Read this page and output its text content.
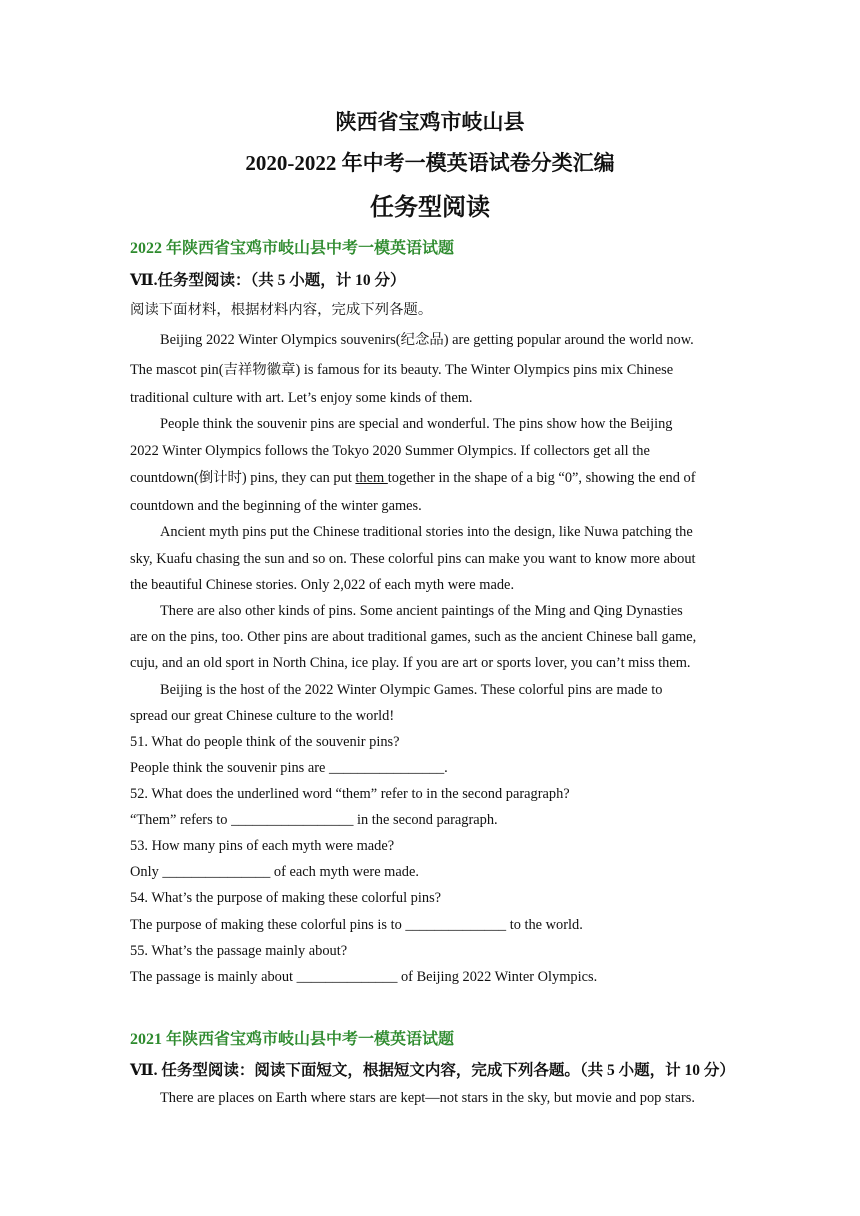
陕西省宝鸡市岐山县
2020-2022 年中考一模英语试卷分类汇编
任务型阅读
2022 年陕西省宝鸡市岐山县中考一模英语试题
Ⅶ.任务型阅读：（共 5 小题，计 10 分）
阅读下面材料，根据材料内容，完成下列各题。
Beijing 2022 Winter Olympics souvenirs(纪念品) are getting popular around the world now.
The mascot pin(吉祥物徽章) is famous for its beauty. The Winter Olympics pins mix Chinese
traditional culture with art. Let’s enjoy some kinds of them.
People think the souvenir pins are special and wonderful. The pins show how the Beijing
2022 Winter Olympics follows the Tokyo 2020 Summer Olympics. If collectors get all the
countdown(倒计时) pins, they can put them together in the shape of a big “0”, showing the end of
countdown and the beginning of the winter games.
Ancient myth pins put the Chinese traditional stories into the design, like Nuwa patching the
sky, Kuafu chasing the sun and so on. These colorful pins can make you want to know more about
the beautiful Chinese stories. Only 2,022 of each myth were made.
There are also other kinds of pins. Some ancient paintings of the Ming and Qing Dynasties
are on the pins, too. Other pins are about traditional games, such as the ancient Chinese ball game,
cuju, and an old sport in North China, ice play. If you are art or sports lover, you can’t miss them.
Beijing is the host of the 2022 Winter Olympic Games. These colorful pins are made to
spread our great Chinese culture to the world!
51. What do people think of the souvenir pins?
People think the souvenir pins are ________________.
52. What does the underlined word “them” refer to in the second paragraph?
“Them” refers to _________________ in the second paragraph.
53. How many pins of each myth were made?
Only _______________ of each myth were made.
54. What’s the purpose of making these colorful pins?
The purpose of making these colorful pins is to ______________ to the world.
55. What’s the passage mainly about?
The passage is mainly about ______________ of Beijing 2022 Winter Olympics.
2021 年陕西省宝鸡市岐山县中考一模英语试题
Ⅶ. 任务型阅读：阅读下面短文，根据短文内容，完成下列各题。（共 5 小题，计 10 分）
There are places on Earth where stars are kept—not stars in the sky, but movie and pop stars.
